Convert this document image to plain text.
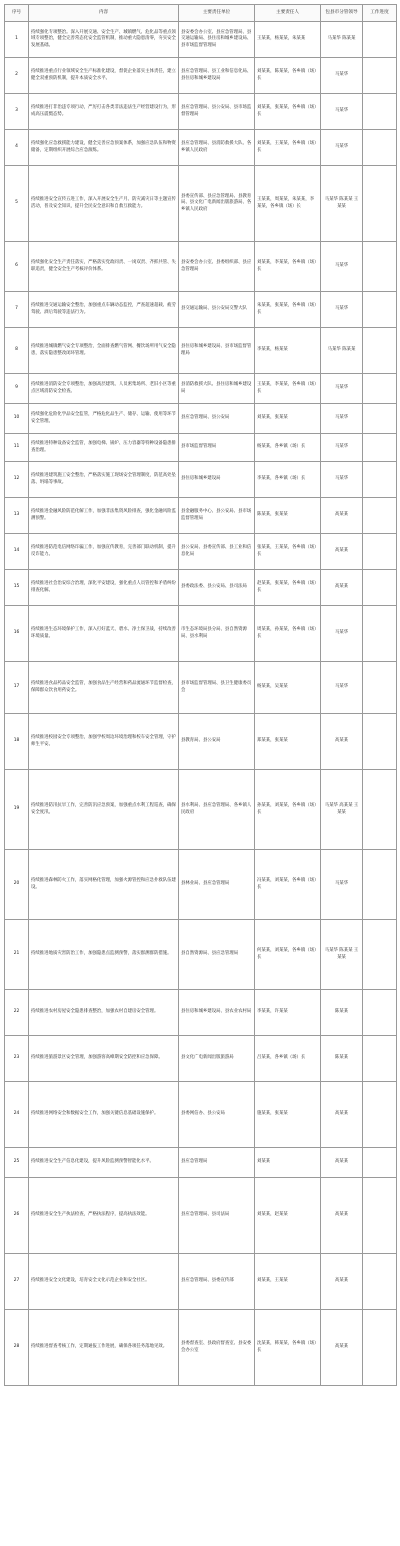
序号	内容	主要责任单位	主要责任人	包县市分管领导	工作进度
1	持续强化专项整治。深入开展交通、安全生产、城镇燃气、危化品等重点领域专项整治，健全完善常态化安全监管机制，推动重大隐患清零，夯实安全发展基础。	县安委会办公室、县应急管理局、县交通运输局、县住房和城乡建设局、县市场监督管理局	王某某，杨某某，朱某某	马某华 陈某某	
2	持续推进重点行业领域安全生产标准化建设，督促企业落实主体责任，建立健全双重预防机制，提升本质安全水平。	县应急管理局、县工业和信息化局、县住房和城乡建设局	刘某某，陈某某，各乡镇（场）长	马某华	
3	持续推进打非治违专项行动，严厉打击各类非法违法生产经营建设行为，形成高压震慑态势。	县应急管理局、县公安局、县市场监督管理局	刘某某，张某某，各乡镇（场）长	马某华	
4	持续强化应急救援能力建设，健全完善应急预案体系，加强应急队伍和物资储备，定期组织开展综合应急演练。	县应急管理局、县消防救援大队、各乡镇人民政府	刘某某，王某某，各乡镇（场）长	马某华	
5	持续推进安全宣传五进工作，深入开展安全生产月、防灾减灾日等主题宣传活动，普及安全知识，提升全民安全意识和自救互救能力。	县委宣传部、县应急管理局、县教育局、县文化广电新闻出版旅游局、各乡镇人民政府	王某某，周某某，朱某某，李某某，各乡镇（场）长	马某华 陈某某 王某某	
6	持续强化安全生产责任落实，严格落实党政同责、一岗双责、齐抓共管、失职追责，健全安全生产考核评价体系。	县安委会办公室、县委组织部、县应急管理局	刘某某，李某某，各乡镇（场）长	马某华	
7	持续推进交通运输安全整治，加强重点车辆动态监控，严查超速超载、疲劳驾驶、酒后驾驶等违法行为。	县交通运输局、县公安局交警大队	朱某某，张某某，各乡镇（场）长	马某华	
8	持续推进城镇燃气安全专项整治，全面排查燃气管网、餐饮场所用气安全隐患，落实隐患整改闭环管理。	县住房和城乡建设局、县市场监督管理局	李某某，杨某某	马某华 陈某某	
9	持续推进消防安全专项整治，加强高层建筑、人员密集场所、老旧小区等重点区域消防安全检查。	县消防救援大队、县住房和城乡建设局	王某某，李某某，各乡镇（场）长	马某华	
10	持续强化危险化学品安全监管，严格危化品生产、储存、运输、使用等环节安全管理。	县应急管理局、县公安局	刘某某，张某某	马某华	
11	持续推进特种设备安全监管，加强电梯、锅炉、压力容器等特种设备隐患排查治理。	县市场监督管理局	杨某某，各乡镇（场）长	马某华	
12	持续推进建筑施工安全整治，严格落实施工现场安全管理制度，防范高处坠落、坍塌等事故。	县住房和城乡建设局	李某某，各乡镇（场）长	马某华	
13	持续推进金融风险防范化解工作，加强非法集资风险排查，强化金融风险监测预警。	县金融服务中心、县公安局、县市场监督管理局	陈某某，张某某	高某某	
14	持续推进防范电信网络诈骗工作，加强宣传教育，完善部门联动机制，提升反诈能力。	县公安局、县委宣传部、县工业和信息化局	张某某，王某某，各乡镇（场）长	高某某	
15	持续推进社会治安综合治理，深化平安建设，强化重点人员管控和矛盾纠纷排查化解。	县委政法委、县公安局、县司法局	赵某某，张某某，各乡镇（场）长	高某某	
16	持续推进生态环境保护工作，深入打好蓝天、碧水、净土保卫战，持续改善环境质量。	市生态环境局县分局、县自然资源局、县水利局	周某某，孙某某，各乡镇（场）长	马某华	
17	持续推进食品药品安全监管，加强食品生产经营和药品流通环节监督检查，保障群众饮食用药安全。	县市场监督管理局、县卫生健康委员会	杨某某，吴某某	马某华	
18	持续推进校园安全专项整治，加强学校周边环境治理和校车安全管理，守护师生平安。	县教育局、县公安局	郑某某，张某某	高某某	
19	持续推进防汛抗旱工作，完善防汛应急预案，加强重点水利工程巡查，确保安全度汛。	县水利局、县应急管理局、各乡镇人民政府	孙某某，刘某某，各乡镇（场）长	马某华 高某某 王某某	
20	持续推进森林防火工作，落实网格化管理，加强火源管控和应急扑救队伍建设。	县林业局、县应急管理局	冯某某，刘某某，各乡镇（场）长	马某华	
21	持续推进地质灾害防治工作，加强隐患点监测预警，落实群测群防措施。	县自然资源局、县应急管理局	何某某，刘某某，各乡镇（场）长	马某华 陈某某 王某某	
22	持续推进农村房屋安全隐患排查整治，加强农村自建房安全管理。	县住房和城乡建设局、县农业农村局	李某某，许某某	陈某某	
23	持续推进旅游景区安全管理，加强游客高峰期安全防控和应急保障。	县文化广电新闻出版旅游局	吕某某，各乡镇（场）长	陈某某	
24	持续推进网络安全和数据安全工作，加强关键信息基础设施保护。	县委网信办、县公安局	施某某，张某某	高某某	
25	持续推进安全生产信息化建设，提升风险监测预警智能化水平。	县应急管理局	刘某某	高某某	
26	持续推进安全生产执法检查，严格执法程序，提高执法效能。	县应急管理局、县司法局	刘某某，赵某某	高某某	
27	持续推进安全文化建设，培育安全文化示范企业和安全社区。	县应急管理局、县委宣传部	刘某某，王某某	高某某	
28	持续推进督查考核工作，定期通报工作进展，确保各项任务落地见效。	县委督查室、县政府督查室、县安委会办公室	沈某某，韩某某，各乡镇（场）长	高某某	
